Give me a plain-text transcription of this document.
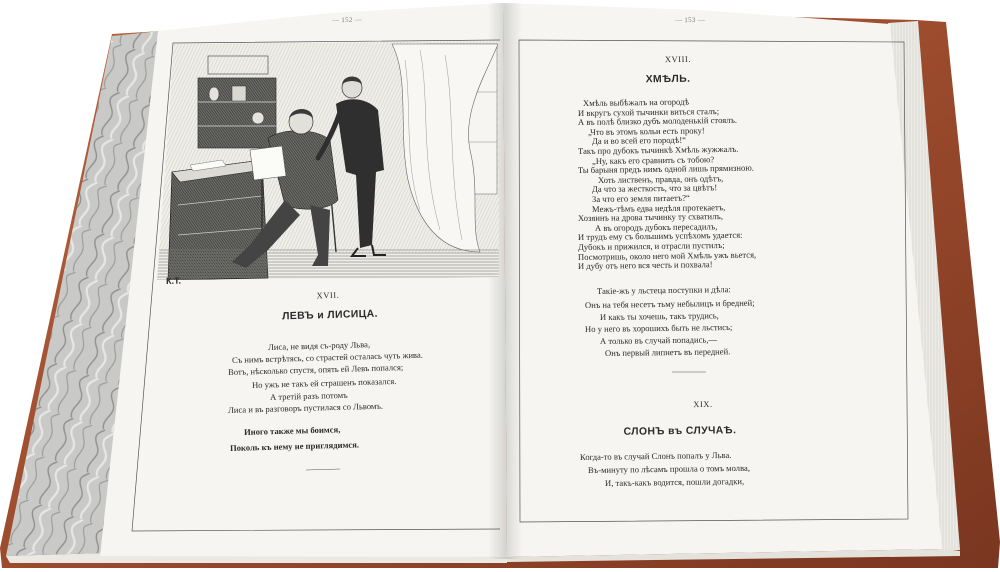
— 152 —
К.Т.
XVII.
ЛЕВЪ и ЛИСИЦА.
Лиса, не видя съ-роду Льва,
Съ нимъ встрѣтясь, со страстей осталась чуть жива.
Вотъ, нѣсколько спустя, опять ей Левъ попался;
Но ужъ не такъ ей страшенъ показался.
А третій разъ потомъ
Лиса и въ разговоръ пустилася со Львомъ.
Иного также мы боимся,
Поколь къ нему не приглядимся.
— 153 —
XVIII.
ХМѢЛЬ.
Хмѣль выбѣжалъ на огородѣ
И вкругъ сухой тычинки виться сталъ;
А въ полѣ близко дубъ молоденькій стоялъ.
„Что въ этомъ кольи есть проку!
Да и во всей его породѣ!“
Такъ про дубокъ тычинкѣ Хмѣль жужжалъ.
„Ну, какъ его сравнить съ тобою?
Ты барыня предъ нимъ одной лишь прямизною.
Хоть лиственъ, правда, онъ одѣтъ,
Да что за жесткость, что за цвѣтъ!
За что его земля питаетъ?“
Межъ-тѣмъ едва недѣля протекаетъ,
Хозяинъ на дрова тычинку ту схватилъ,
А въ огородъ дубокъ пересадилъ,
И трудъ ему съ большимъ успѣхомъ удается:
Дубокъ и прижился, и отрасли пустилъ;
Посмотришь, около него мой Хмѣль ужъ вьется,
И дубу отъ него вся честь и похвала!
Такіе-жъ у льстеца поступки и дѣла:
Онъ на тебя несетъ тьму небылицъ и бредней;
И какъ ты хочешь, такъ трудись,
Но у него въ хорошихъ быть не льстись;
А только въ случай попадись,—
Онъ первый липнетъ въ передней.
XIX.
СЛОНЪ въ СЛУЧАѢ.
Когда-то въ случай Слонъ попалъ у Льва.
Въ-минуту по лѣсамъ прошла о томъ молва,
И, такъ-какъ водится, пошли догадки,
